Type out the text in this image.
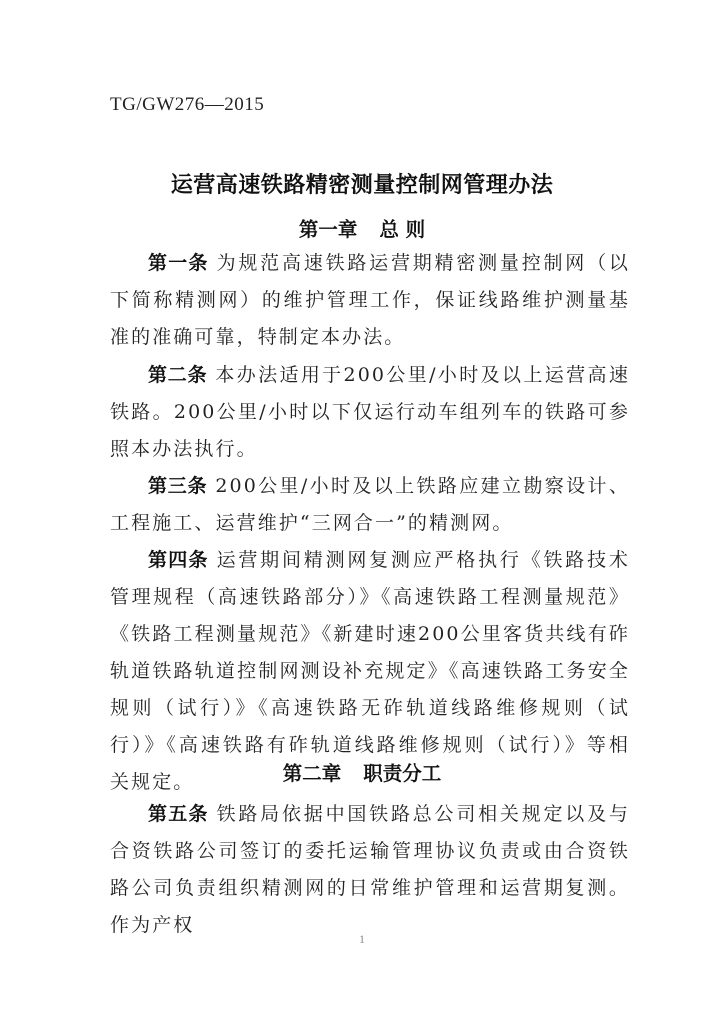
TG/GW276—2015
运营高速铁路精密测量控制网管理办法
第一章 总 则
第一条 为规范高速铁路运营期精密测量控制网（以下简称精测网）的维护管理工作，保证线路维护测量基准的准确可靠，特制定本办法。
第二条 本办法适用于200公里/小时及以上运营高速铁路。200公里/小时以下仅运行动车组列车的铁路可参照本办法执行。
第三条 200公里/小时及以上铁路应建立勘察设计、工程施工、运营维护“三网合一”的精测网。
第四条 运营期间精测网复测应严格执行《铁路技术管理规程（高速铁路部分）》《高速铁路工程测量规范》《铁路工程测量规范》《新建时速200公里客货共线有砟轨道铁路轨道控制网测设补充规定》《高速铁路工务安全规则（试行）》《高速铁路无砟轨道线路维修规则（试行）》《高速铁路有砟轨道线路维修规则（试行）》等相关规定。	第二章 职责分工
第五条 铁路局依据中国铁路总公司相关规定以及与合资铁路公司签订的委托运输管理协议负责或由合资铁路公司负责组织精测网的日常维护管理和运营期复测。作为产权
1
